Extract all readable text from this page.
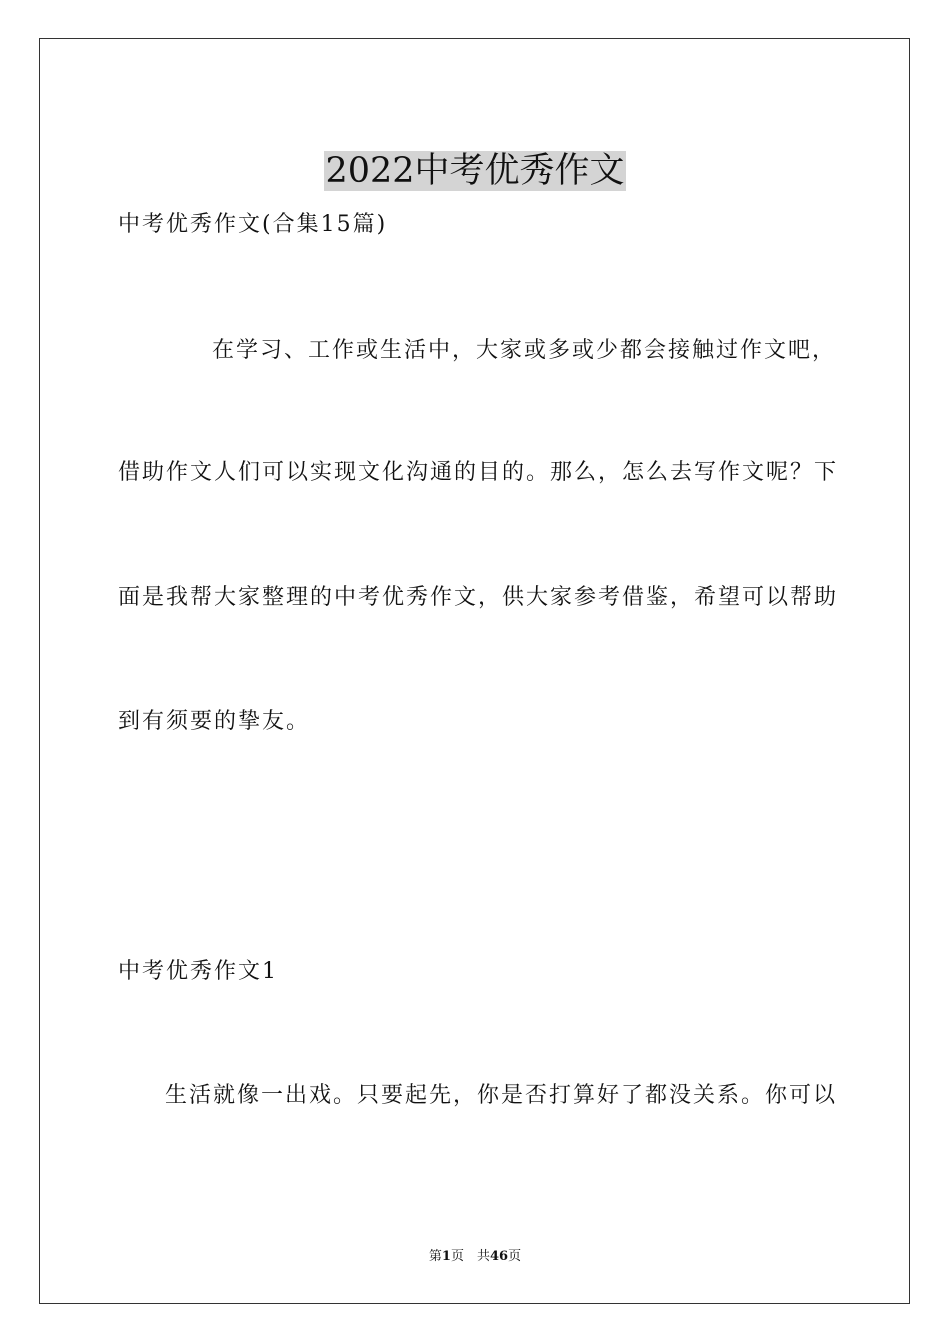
2022中考优秀作文
中考优秀作文(合集15篇)
在学习、工作或生活中，大家或多或少都会接触过作文吧，
借助作文人们可以实现文化沟通的目的。那么，怎么去写作文呢？下
面是我帮大家整理的中考优秀作文，供大家参考借鉴，希望可以帮助
到有须要的挚友。
中考优秀作文1
生活就像一出戏。只要起先，你是否打算好了都没关系。你可以
第1页　共46页
